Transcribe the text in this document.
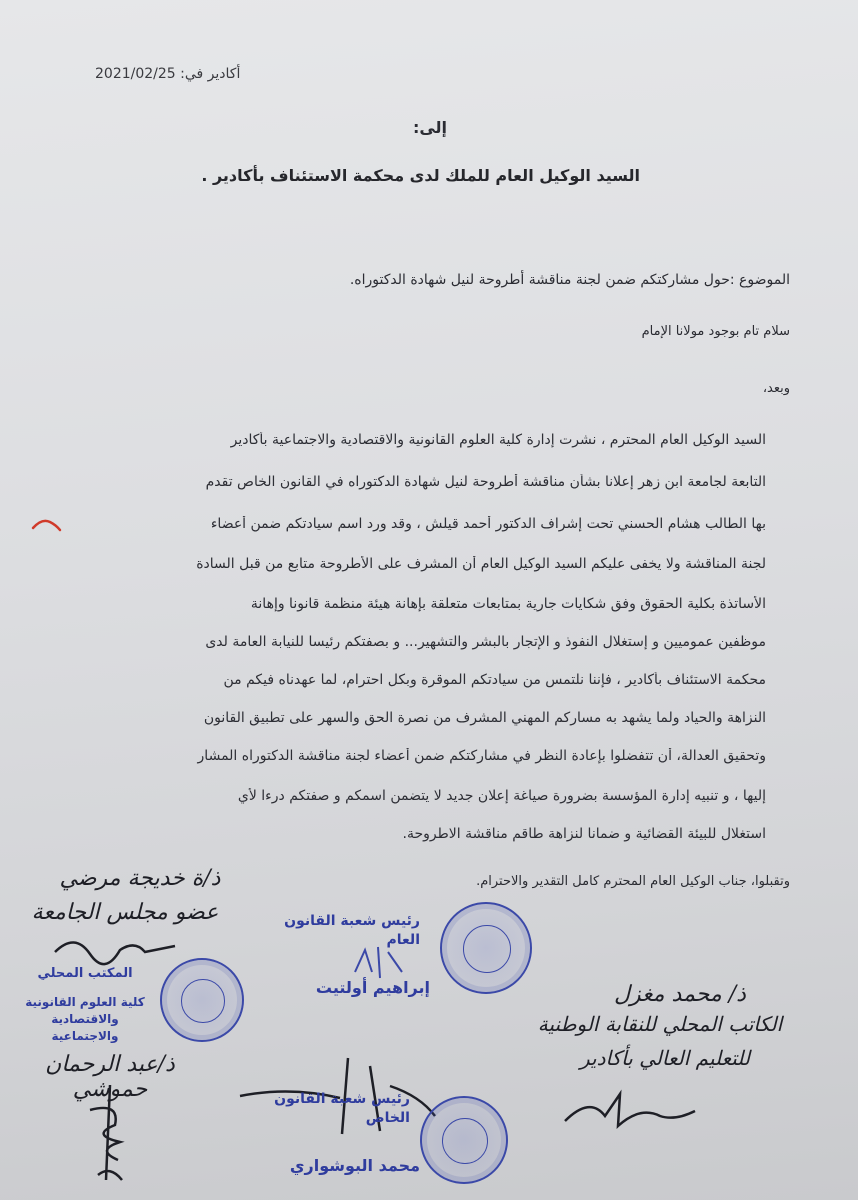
أكادير في: 2021/02/25
إلى:
السيد الوكيل العام للملك لدى محكمة الاستئناف بأكادير .
الموضوع :حول مشاركتكم ضمن لجنة مناقشة أطروحة لنيل شهادة الدكتوراه.
سلام تام بوجود مولانا الإمام
وبعد،
السيد الوكيل العام المحترم ، نشرت إدارة كلية العلوم القانونية والاقتصادية والاجتماعية بأكادير
التابعة لجامعة ابن زهر إعلانا بشأن مناقشة أطروحة لنيل شهادة الدكتوراه في القانون الخاص تقدم
بها الطالب هشام الحسني تحت إشراف الدكتور أحمد قيلش ، وقد ورد اسم سيادتكم ضمن أعضاء
لجنة المناقشة ولا يخفى عليكم السيد الوكيل العام أن المشرف على الأطروحة متابع من قبل السادة
الأساتذة بكلية الحقوق وفق شكايات جارية بمتابعات متعلقة بإهانة هيئة منظمة قانونا وإهانة
موظفين عموميين و إستغلال النفوذ و الإتجار بالبشر والتشهير... و بصفتكم رئيسا للنيابة العامة لدى
محكمة الاستئناف بأكادير ، فإننا نلتمس من سيادتكم الموقرة وبكل احترام، لما عهدناه فيكم من
النزاهة والحياد ولما يشهد به مساركم المهني المشرف من نصرة الحق والسهر على تطبيق القانون
وتحقيق العدالة، أن تتفضلوا بإعادة النظر في مشاركتكم ضمن أعضاء لجنة مناقشة الدكتوراه المشار
إليها ، و تنبيه إدارة المؤسسة بضرورة صياغة إعلان جديد لا يتضمن اسمكم و صفتكم درءا لأي
استغلال للبيئة القضائية و ضمانا لنزاهة طاقم مناقشة الاطروحة.
وتقبلوا، جناب الوكيل العام المحترم كامل التقدير والاحترام.
ذ/ة خديجة مرضي
عضو مجلس الجامعة
المكتب المحلي
كلية العلوم القانونية والاقتصادية والاجتماعية
ذ/عبد الرحمان حموشي
رئيس شعبة القانون العام
إبراهيم أولتيت	ذ/ محمد مغزل
الكاتب المحلي للنقابة الوطنية
للتعليم العالي بأكادير
رئيس شعبة القانون الخاص
محمد البوشواري
